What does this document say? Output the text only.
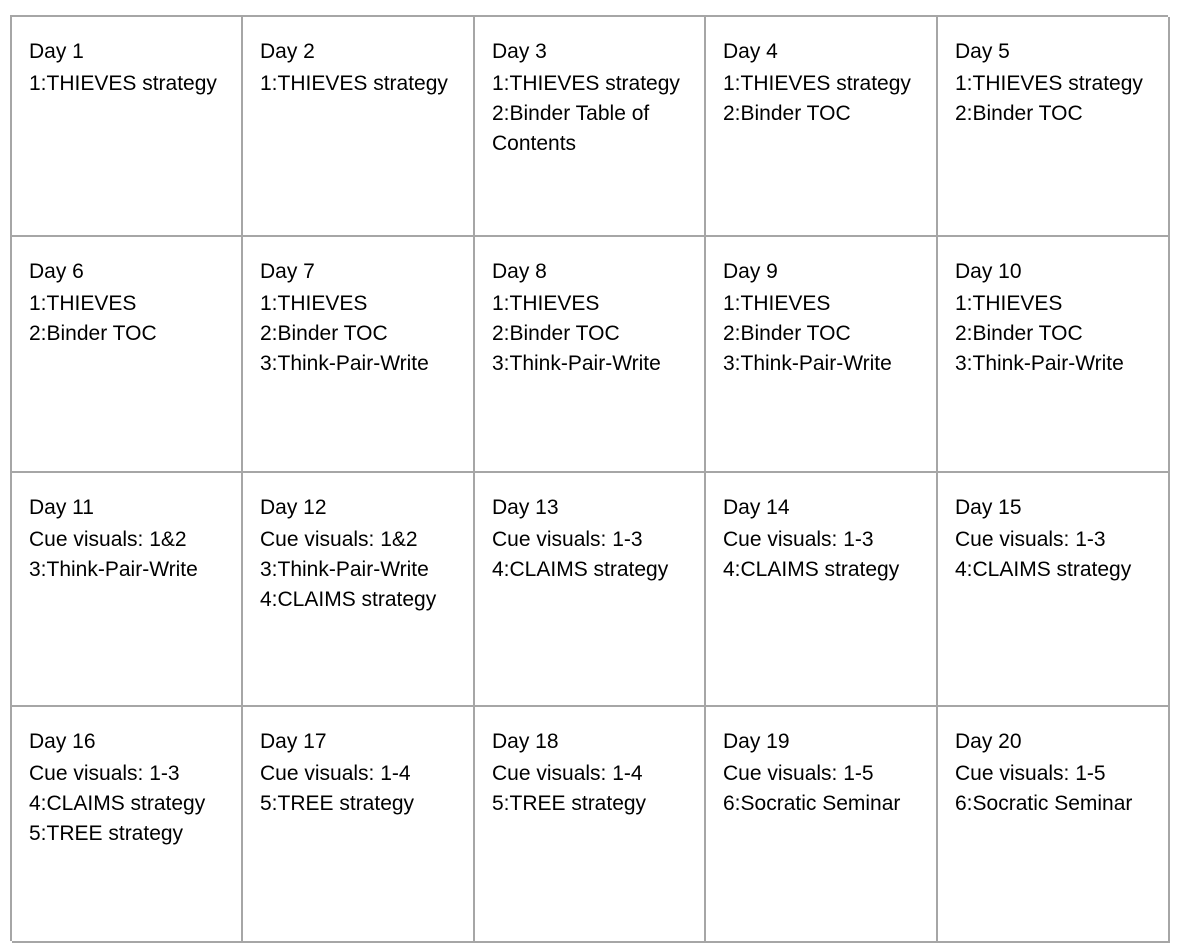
Day 1
1:THIEVES strategy
Day 2
1:THIEVES strategy
Day 3
1:THIEVES strategy
2:Binder Table of Contents
Day 4
1:THIEVES strategy
2:Binder TOC
Day 5
1:THIEVES strategy
2:Binder TOC
Day 6
1:THIEVES
2:Binder TOC
Day 7
1:THIEVES
2:Binder TOC
3:Think-Pair-Write
Day 8
1:THIEVES
2:Binder TOC
3:Think-Pair-Write
Day 9
1:THIEVES
2:Binder TOC
3:Think-Pair-Write
Day 10
1:THIEVES
2:Binder TOC
3:Think-Pair-Write
Day 11
Cue visuals: 1&2
3:Think-Pair-Write
Day 12
Cue visuals: 1&2
3:Think-Pair-Write
4:CLAIMS strategy
Day 13
Cue visuals: 1-3
4:CLAIMS strategy
Day 14
Cue visuals: 1-3
4:CLAIMS strategy
Day 15
Cue visuals: 1-3
4:CLAIMS strategy
Day 16
Cue visuals: 1-3
4:CLAIMS strategy
5:TREE strategy
Day 17
Cue visuals: 1-4
5:TREE strategy
Day 18
Cue visuals: 1-4
5:TREE strategy
Day 19
Cue visuals: 1-5
6:Socratic Seminar
Day 20
Cue visuals: 1-5
6:Socratic Seminar
